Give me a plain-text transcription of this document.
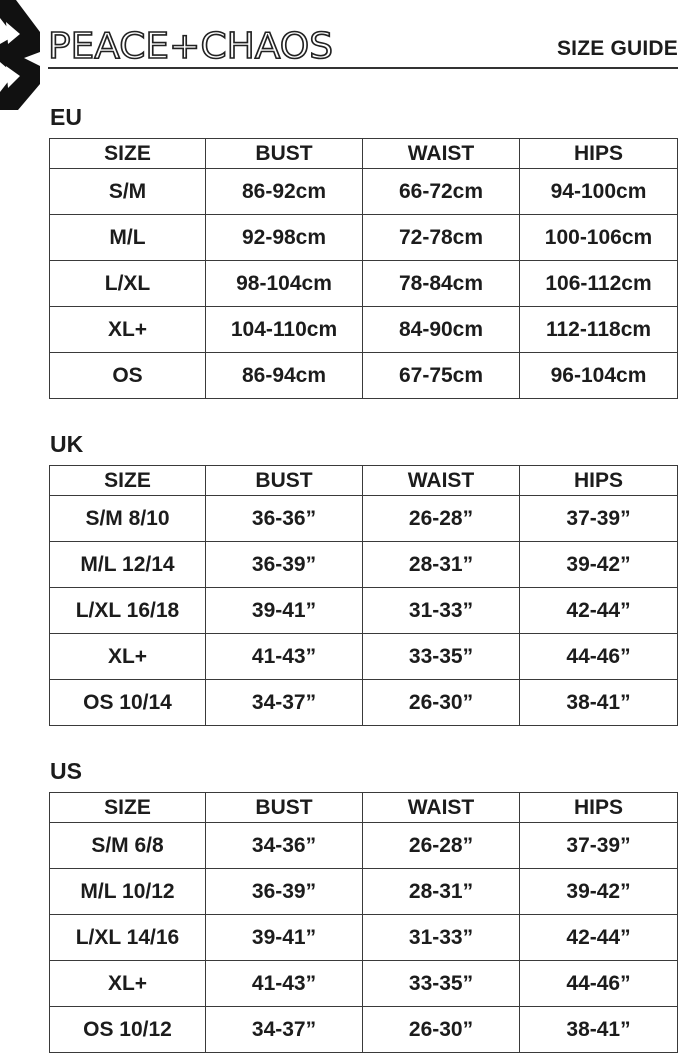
PEACE+CHAOS	SIZE GUIDE
EU
SIZE	BUST	WAIST	HIPS
S/M	86-92cm	66-72cm	94-100cm
M/L	92-98cm	72-78cm	100-106cm
L/XL	98-104cm	78-84cm	106-112cm
XL+	104-110cm	84-90cm	112-118cm
OS	86-94cm	67-75cm	96-104cm
UK
SIZE	BUST	WAIST	HIPS
S/M 8/10	36-36”	26-28”	37-39”
M/L 12/14	36-39”	28-31”	39-42”
L/XL 16/18	39-41”	31-33”	42-44”
XL+	41-43”	33-35”	44-46”
OS 10/14	34-37”	26-30”	38-41”
US
SIZE	BUST	WAIST	HIPS
S/M 6/8	34-36”	26-28”	37-39”
M/L 10/12	36-39”	28-31”	39-42”
L/XL 14/16	39-41”	31-33”	42-44”
XL+	41-43”	33-35”	44-46”
OS 10/12	34-37”	26-30”	38-41”
